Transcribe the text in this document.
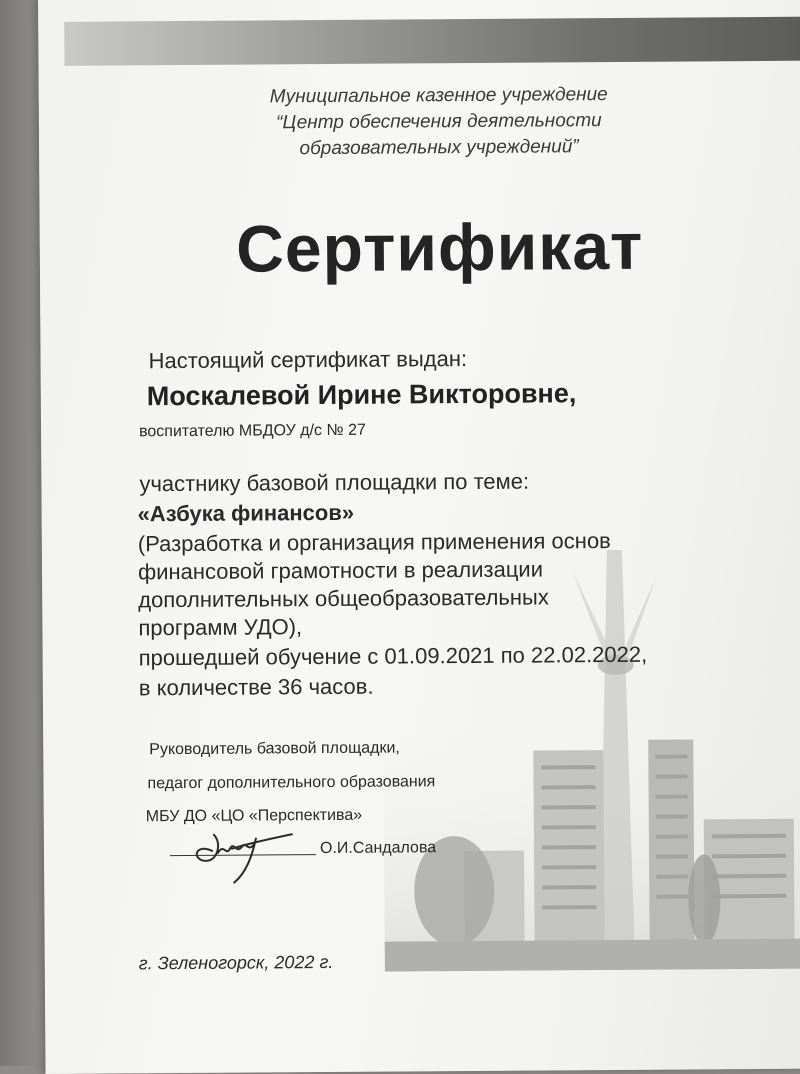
Муниципальное казенное учреждение
“Центр обеспечения деятельности
образовательных учреждений”
Сертификат
Настоящий сертификат выдан:
Москалевой Ирине Викторовне,
воспитателю МБДОУ д/с № 27
участнику базовой площадки по теме:
«Азбука финансов»
(Разработка и организация применения основ
финансовой грамотности в реализации
дополнительных общеобразовательных
программ УДО),
прошедшей обучение с 01.09.2021 по 22.02.2022,
в количестве 36 часов.
Руководитель базовой площадки,
педагог дополнительного образования
МБУ ДО «ЦО «Перспектива»
О.И.Сандалова
г. Зеленогорск, 2022 г.
